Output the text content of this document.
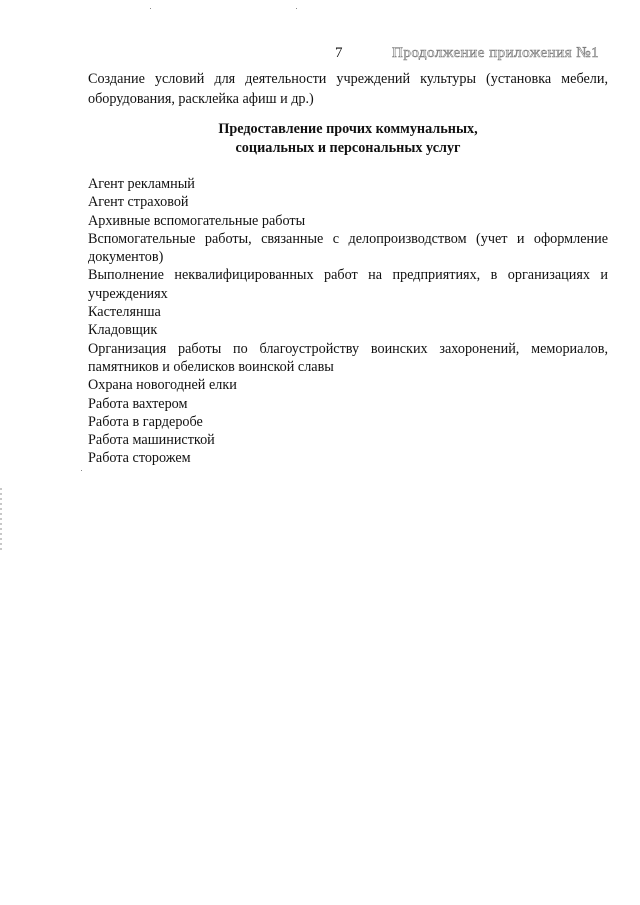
7	Продолжение приложения №1

Создание условий для деятельности учреждений культуры (установка мебели, оборудования, расклейка афиш и др.)

Предоставление прочих коммунальных,
социальных и персональных услуг
Агент рекламный
Агент страховой
Архивные вспомогательные работы
Вспомогательные работы, связанные с делопроизводством (учет и оформление документов)
Выполнение неквалифицированных работ на предприятиях, в организациях и учреждениях
Кастелянша
Кладовщик
Организация работы по благоустройству воинских захоронений, мемориалов, памятников и обелисков воинской славы
Охрана новогодней елки
Работа вахтером
Работа в гардеробе
Работа машинисткой
Работа сторожем
